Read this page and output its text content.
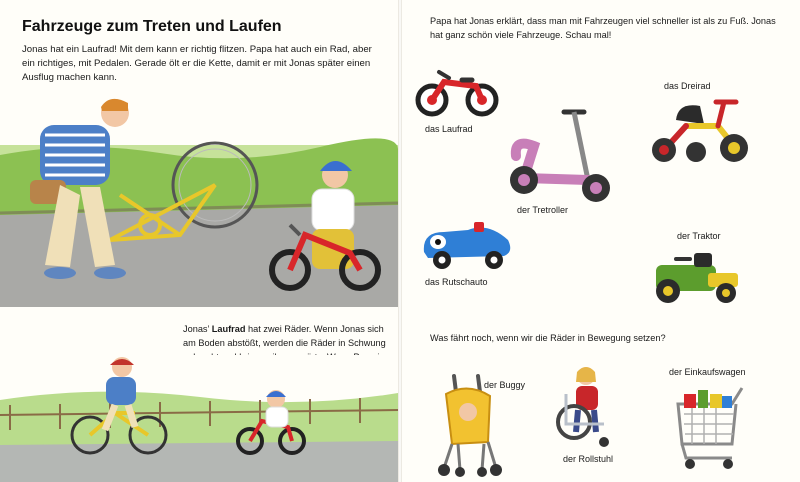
Fahrzeuge zum Treten und Laufen

Jonas hat ein Laufrad! Mit dem kann er richtig flitzen. Papa hat auch ein Rad, aber ein richtiges, mit Pedalen. Gerade ölt er die Kette, damit er mit Jonas später einen Ausflug machen kann.

Jonas’ Laufrad hat zwei Räder. Wenn Jonas sich am Boden abstößt, werden die Räder in Schwung

Papa hat Jonas erklärt, dass man mit Fahrzeugen viel schneller ist als zu Fuß. Jonas hat ganz schön viele Fahrzeuge. Schau mal!

das Laufrad
das Dreirad
der Tretroller
der Traktor
das Rutschauto

Was fährt noch, wenn wir die Räder in Bewegung setzen?

der Buggy
der Rollstuhl
der Einkaufswagen
